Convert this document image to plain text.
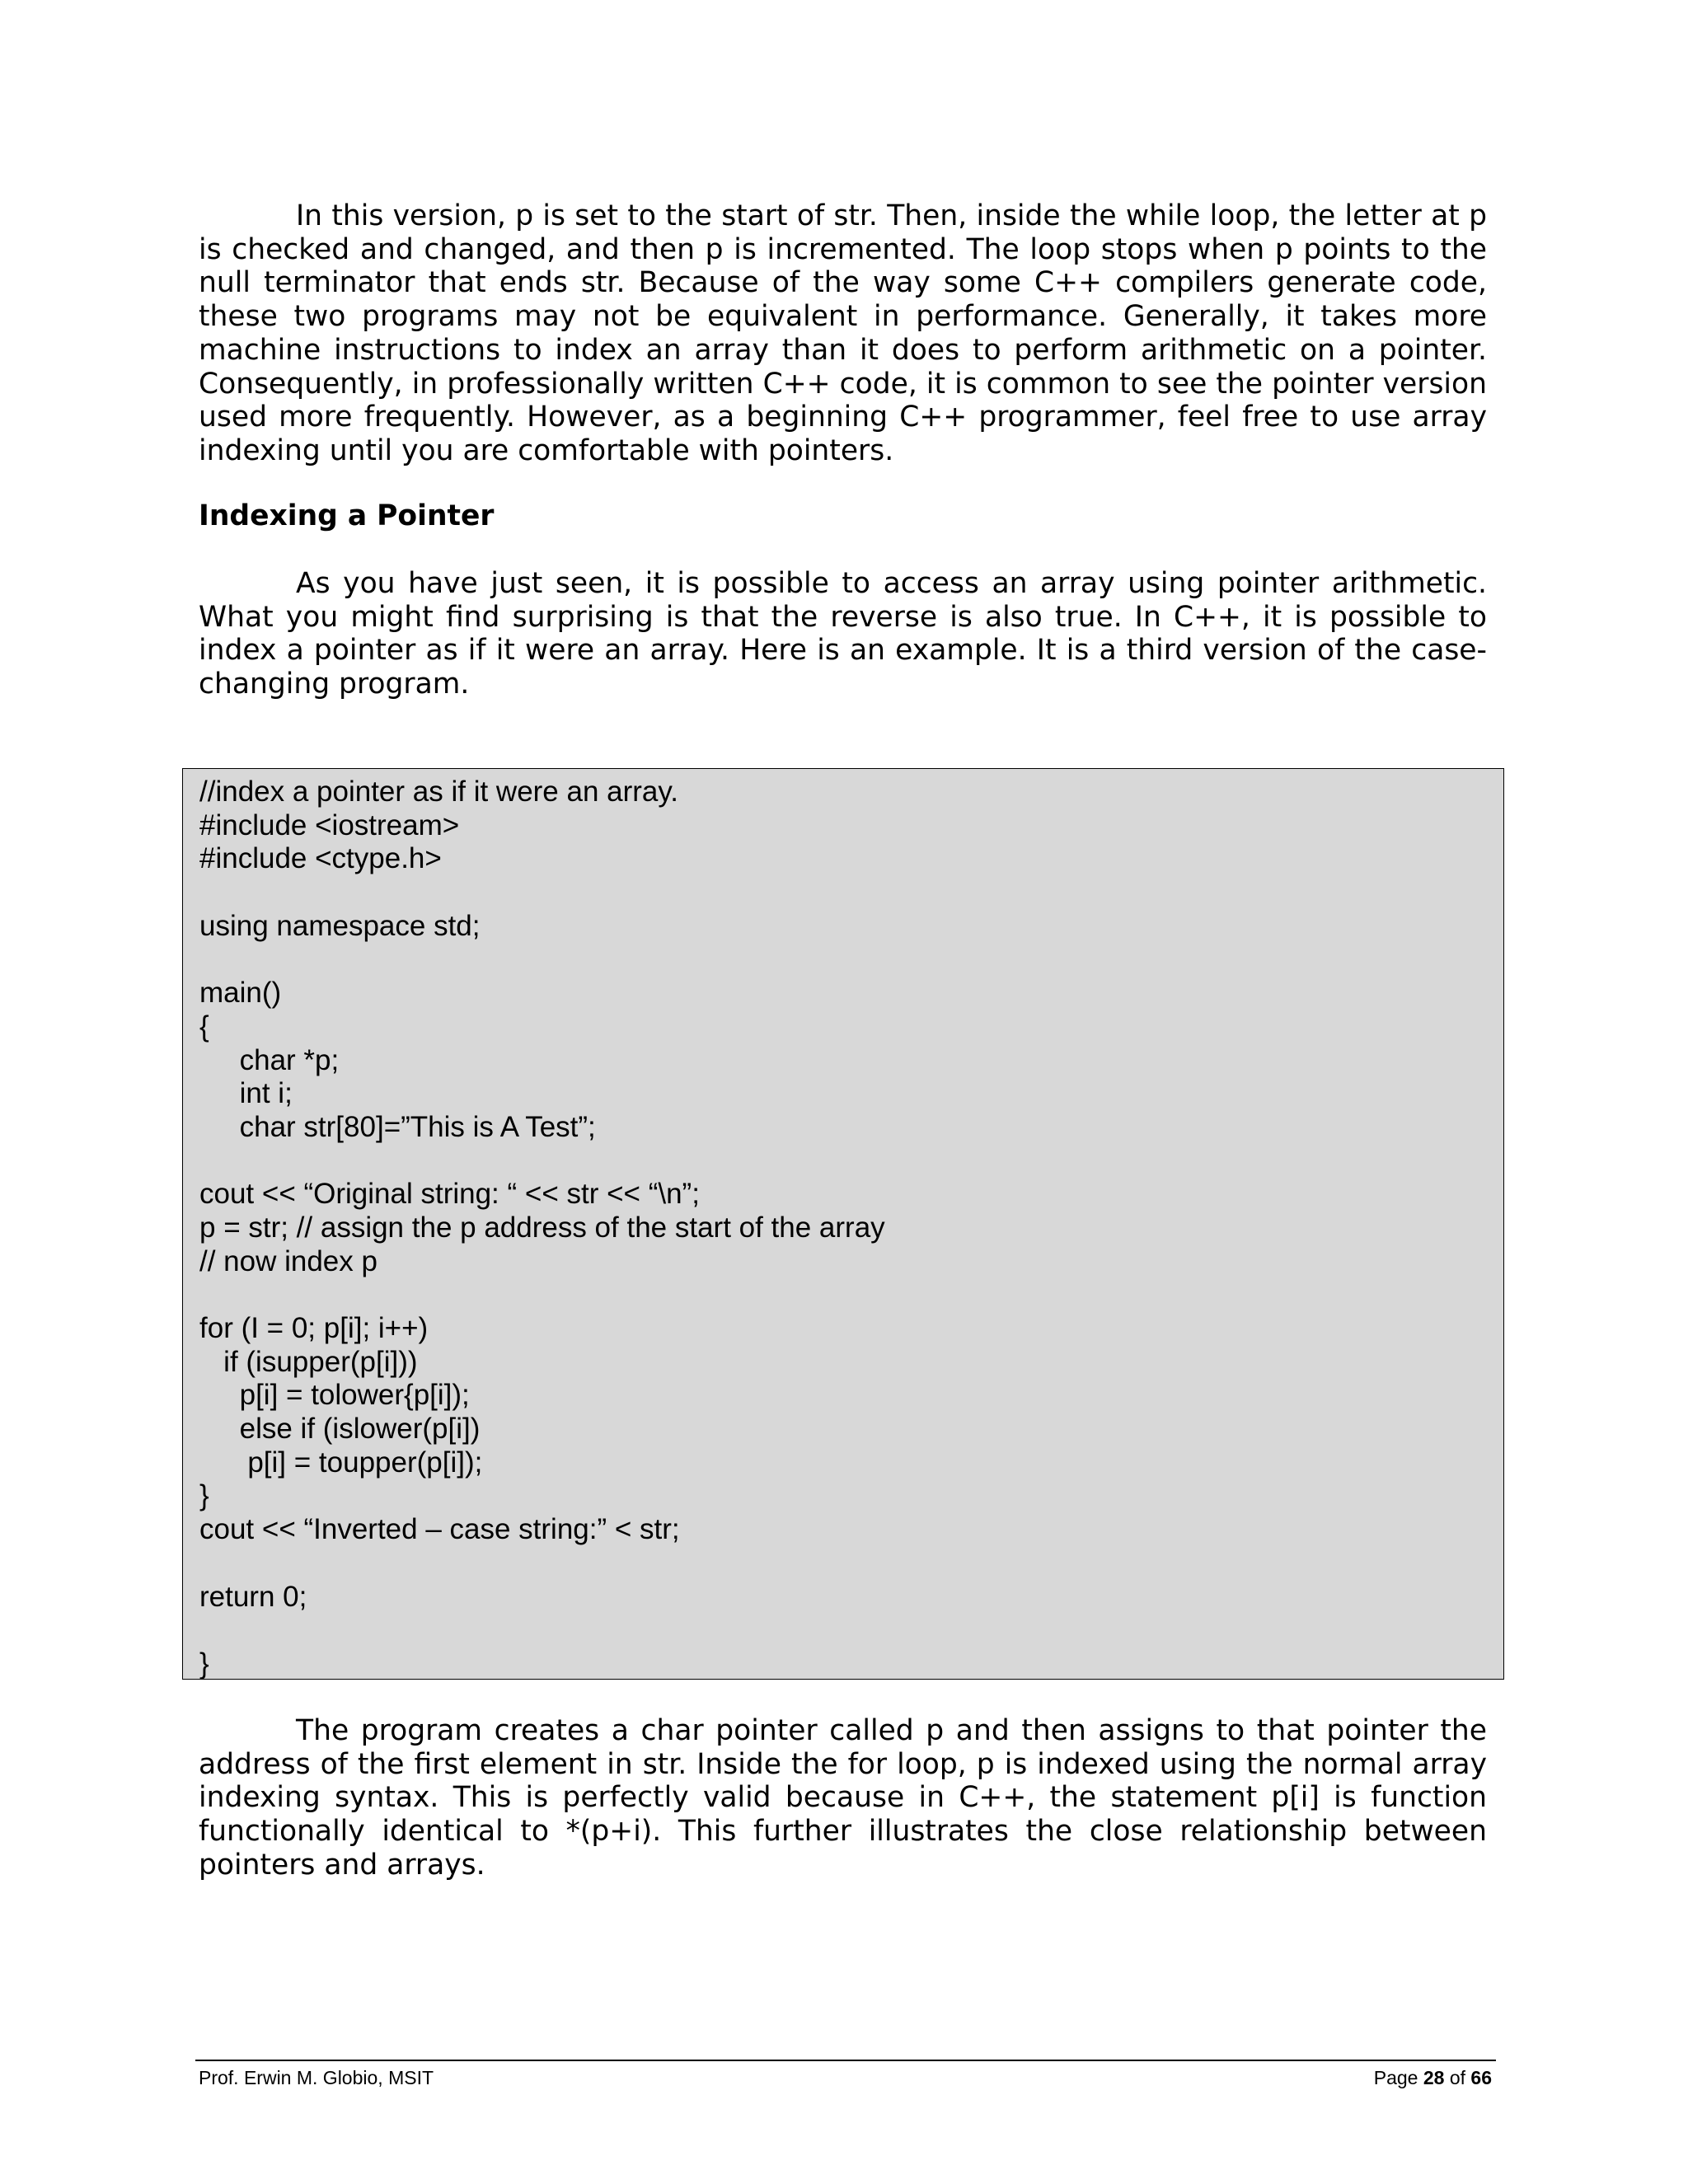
In this version, p is set to the start of str. Then, inside the while loop, the letter at p is checked and changed, and then p is incremented. The loop stops when p points to the null terminator that ends str. Because of the way some C++ compilers generate code, these two programs may not be equivalent in performance. Generally, it takes more machine instructions to index an array than it does to perform arithmetic on a pointer. Consequently, in professionally written C++ code, it is common to see the pointer version used more frequently. However, as a beginning C++ programmer, feel free to use array indexing until you are comfortable with pointers.

Indexing a Pointer

As you have just seen, it is possible to access an array using pointer arithmetic. What you might find surprising is that the reverse is also true. In C++, it is possible to index a pointer as if it were an array. Here is an example. It is a third version of the case-changing program.

//index a pointer as if it were an array.
#include <iostream>
#include <ctype.h>
using namespace std;
main()
{
char *p;
int i;
char str[80]=”This is A Test”;
cout << “Original string: “ << str << “\n”;
p = str; // assign the p address of the start of the array
// now index p
for (I = 0; p[i]; i++)
if (isupper(p[i]))
p[i] = tolower{p[i]);
else if (islower(p[i])
p[i] = toupper(p[i]);
}
cout << “Inverted – case string:” < str;
return 0;
}

The program creates a char pointer called p and then assigns to that pointer the address of the first element in str. Inside the for loop, p is indexed using the normal array indexing syntax. This is perfectly valid because in C++, the statement p[i] is function functionally identical to *(p+i). This further illustrates the close relationship between pointers and arrays.

Prof. Erwin M. Globio, MSIT	Page 28 of 66
